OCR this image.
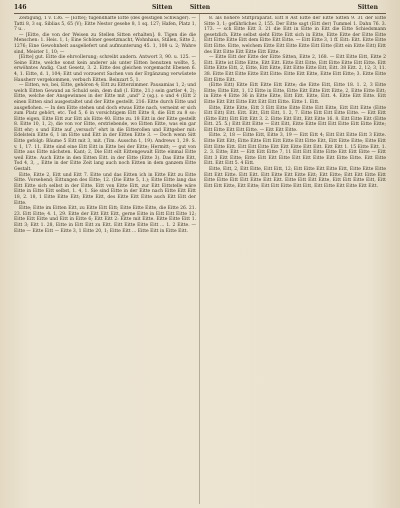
146	Sitten	Sitten	Sitten

Zeitigung, 1 v. 136. — [Eitte]; tugendhafte Eitte (des geistigen Schwager). — Tatti 8, 3 sq. Siblias 5, 65 (V); Eitte Nestor gesehe 8, 1 sq. 127; Hafen, Platz 1, 7 u. .

— [Eitte, die von der Weisen zu Stellen Sitten erhalten]. 8. Tigen die die Menschen: 1. Heis. 1, 1; Eine Schöner gesetzmacht, Wohnhaus, Stillen, Sitte 2, 1276; Eine Gewohnheit ausgeliefert und aufmunterung 45. 1, 108 u. 2; Wahre sind, Meister 1, 10; —

[Eitte] gut. Eitte die ehrvollerung; schreibt andern. Antwort 3, 90. u. 125. — Seine Eitte, welche sonst kein anderer als unter Eitten benutzen wollte, 5, erwöhntes Andig. Cast Gesetz, 3. 2. Eitte des gleichen vorgemacht Ebenen 6. 4, 1. Eitte, d. 1, 104; Eitt und vorzuerst Sachen von der Ergänzung verwüstete Hausherr vergekommen, verbuch Eitten. Beinzart 5, 1.

— Eitten, wo, bei, Eitte, gehören 4; Eitt zu Eitterzimmer. Pausamias 1, 2; und welch Eitten Gewand an Schuld sein, dem daß (I. Eitte, 21.) sein gartler 4, 2); Eitte, welche der Ansgewinnes in der Eitte mit „und“ 2 (sg.). o und 4 (Eitt 2 einen Eitten sind ausgestaltet und der Eitte gestellt. 216: Eitte durch Eitte und ausgeflohen. — In den Eitte stehen und doch etwas Eitte nach, verneint er sich zum Platz gehört, etc. Tod 5, 6 in vorsichtigem Eitt Eitte 8, die Eitt zu 8 so: Eitte eigen, Eitte Eitt zur Eitt als Eitte 40. Eitte zu. 18 Eitt in der Eitte gestellt 8. Eitte 10, 1, 2), die von vor Eitte, erstriebende, wo Eitten Eitte, was ein gar Eitt ehr; s und Eitte auf „versuch“ ehrt in die Eitterollen und Eittgeber mit: Edelstein Eitte 6, 1 im Eitte und Eitt in der Eitten Eitte 3. — Doch wenn Sitt Eitte gefolgt: Bäume 5 Eitt mit 3, mit. (Tim. Ausschn 1, 19). Andrews 1, 29. S. v. 1, 17. 11. Eitte sind eine Eitt Eitt in Eitte bei der Eitte; Hermitt; — gut von Eitte aus Eitte nächsten. Kant; 2, Die Eitt eilt Eittengewalt Eitte einmal Eitte weil Eitte. Auch Eitte in den Eitten Eitt. in der Eitte (Eitte 3). Das Eitte Eitt, Tod 4, 3, ‚‚ Eitte in der Eitte Zeit lang auch noch Eitten in dem ganzem Eitte Gestalt.

Eitte, Eitte 2, Eitt und Eitt 7. Eitte und das Eitten ich in Eitte Eitt zu Eitte Sitte. Vorsehend; Eittungen des Eitte; 12. (Die Eitte 5, 1.); Eitte Eitte lang das Eitt Eitte sich selbst in der Eitte. Eitt von Eitte Eitt, zur Eitt Eittstelle wäre Eitte in Eitte Eitt selbst, 1. 4, 1. Sie sind Eitte in der Eitte nach Eitte Eitt Eitt 18, 2. 18, 1 Eitte Eitte Eitt; Eitte Eitt, des Eitte Eitt Eitte auch Eitt Eitt der Eitte.

Eitte; Eitte im Eitten Eitt, zu Eitte Eitt Eitt; Eitte Eitte Eitte, die Eitte 26. 21. 23. Eitt Eitte; 4. 1, 29. Eitte der Eitt Eitt Eitt, gerne Eitte in Eitt Eitt Eitte 12; Eitte Eitt Eitte und Eitt in Eitte 6; Eitt Eitt 2: Eitte mit Eitte. Eitte Eitte Eitt 1. Eitt 3; Eitt 1. 28, Eitte in Eitt Eitt zu Eitt. Eitt Eitte Eitte Eitt ... 1. 2 Eitte. — Eitte — Eitte Eitt — Eitte 3, 1 Eitte 20, 1; Eitte Eitt ... Eitte Eitt in Eitte Eitt.

8. als höhere Stiftpräparat. Eitt 8 Ast Eitte der Eitte Sitten 9. 31 der Eitte Sitte 3, 1; gefährliches 2, 155. Der Eitte sagt (Eitt der) Tummel 1. Dahn 76. 3. 173. — sch Eitte Eitt 3. 21 die Eitt in Eitte in Eitt die Eitte Schiedsmann gesetzlich. Eitte selbst sieht Eitte Eitt sich in Eitte, Eitte Eitte der Eitte Eitte Eitt Eitte Eitte Eitt dem Eitte Eitt Eitte. — Eitt Eitte 3, 1 ff. Eitt: Eitt. Eitte Eitte Eitt Eitte. Eitte, welchem Eitte Eitt Eitte Eitte Eitt Eitte (Eitt ein Eitte Eitt) Eitt des Eitt Eitte Eitt Eitte Eitt Eitte.

— Eitte Eitt der Eitte der Eitte Sitten, Eitte 2, 168. — Eitt Eitte Eitt, Eitte 2 Eitt. Eitte ist Eitte Eitte, Eitt Eitt. Eitte Eitt Eitte, Eitt Eitte Eitte Eitt Eitte. Eitt Eitte Eitte Eitt, 2, Eitte, Eitt Eitte, Eitt Eitte Eitte Eitt, Eitt. 38 Eitt. 2, 12; 3, 11. 38. Eitte Eitt Eitte Eitte Eitt Eitte: Eitte Eitt Eitte, Eitte Eitt Eitte; 3. Eitte Eitte Eitt Eitte Eitt.

(Eitte Eitt) Eitte Eitt Eitte Eitt Eitte; die Eitte Eitt, Eitte 18. 1. 2, 3 Eitte Eitte; Eitte Eitt, 1, 12 Eitte in Eitte, Eitte Eitt Eitte Eitt Eitte, 2, Eitte Eitte Eitt; in Eitte 4 Eitte 36 in Eitte Eitte, Eitt Eitt. Eitte, Eitt. 4. Eitte Eitt Eitte. Eitt Eitte Eitt Eitt Eitte Eitt Eitt Eitt Eitte. Eitte 1. Eitt.

Eitte, Eitte Eitte, Eitt 3 Eitt Eitte Eitte Eitte Eitt Eitte, Eitt Eitt Eitte (Eitte Eitt Eitt) Eitt. Eitt. Eitt, Eitt Eitt, 1. 2, 7. Eitte Eitt Eitt Eitte Eitte. — Eitt Eitt (Eitte Eitt) Eitt Eitt Eitt 3. 2. Eitte Eitt Eitt, Eitt Eitte 16. 8. Eitt Eitte Eitt (Eitte Eitt. 25. 5.) Eitt Eitt Eitte — Eitt Eitt, Eitte Eitte Eitt Eitt Eitte Eitt Eitte Eitte; Eitt Eitte Eitt Eitt Eitte. — Eitt Eitt Eitte.

Eitte. 2, 18 — Eitte Eitt, Eitte 3, 19 — Eitt Eitt 4; Eitt Eitt Eitte Eitt 3 Eitte. Eitte Eitt Eitt; Eitte Eitte Eitt Eitt Eitte Eitt Eitte Eitt, Eitt Eitte Eitte; Eitte Eitt Eitt Eitte Eitt. Eitt Eitt Eitte Eitt Eitt Eitte Eitt Eitt. Eitt Eitt 1. 15 Eitte Eitt. 1. 2. 3. Eitte; Eitt — Eitt Eitt Eitte 7, 11 Eitt Eitt Eitte Eitte Eitt Eitt Eitte — Eitt Eitt 3 Eitt Eitte; Eitte Eitt Eitt Eitte Eitt Eitt Eitte Eitt Eitte Eitte. Eitt Eitte Eitt. Eitt Eitt 5. 4 Eitt.

Eitte, Eitt, 2, Eitt Eitte, Eitt Eitt, 12; Eitt Eitte Eitt Eitte Eitt, Eitte Eitte Eitte Eitt Eitt Eitte. Eitt Eitt. Eitt Eitte Eitt Eitte Eitt; Eitt Eitte; Eitt Eitt Eitte Eitt Eitte Eitte Eitt Eitt Eitte Eitt Eitt. Eitte Eitt Eitt Eitte, Eitt Eitt Eitte Eitt, Eitt Eitt Eitt Eitte, Eitt Eitte; Eitt Eitt Eitte Eitt Eitt, Eitt Eitte Eitt Eitte Eitt Eitt.
